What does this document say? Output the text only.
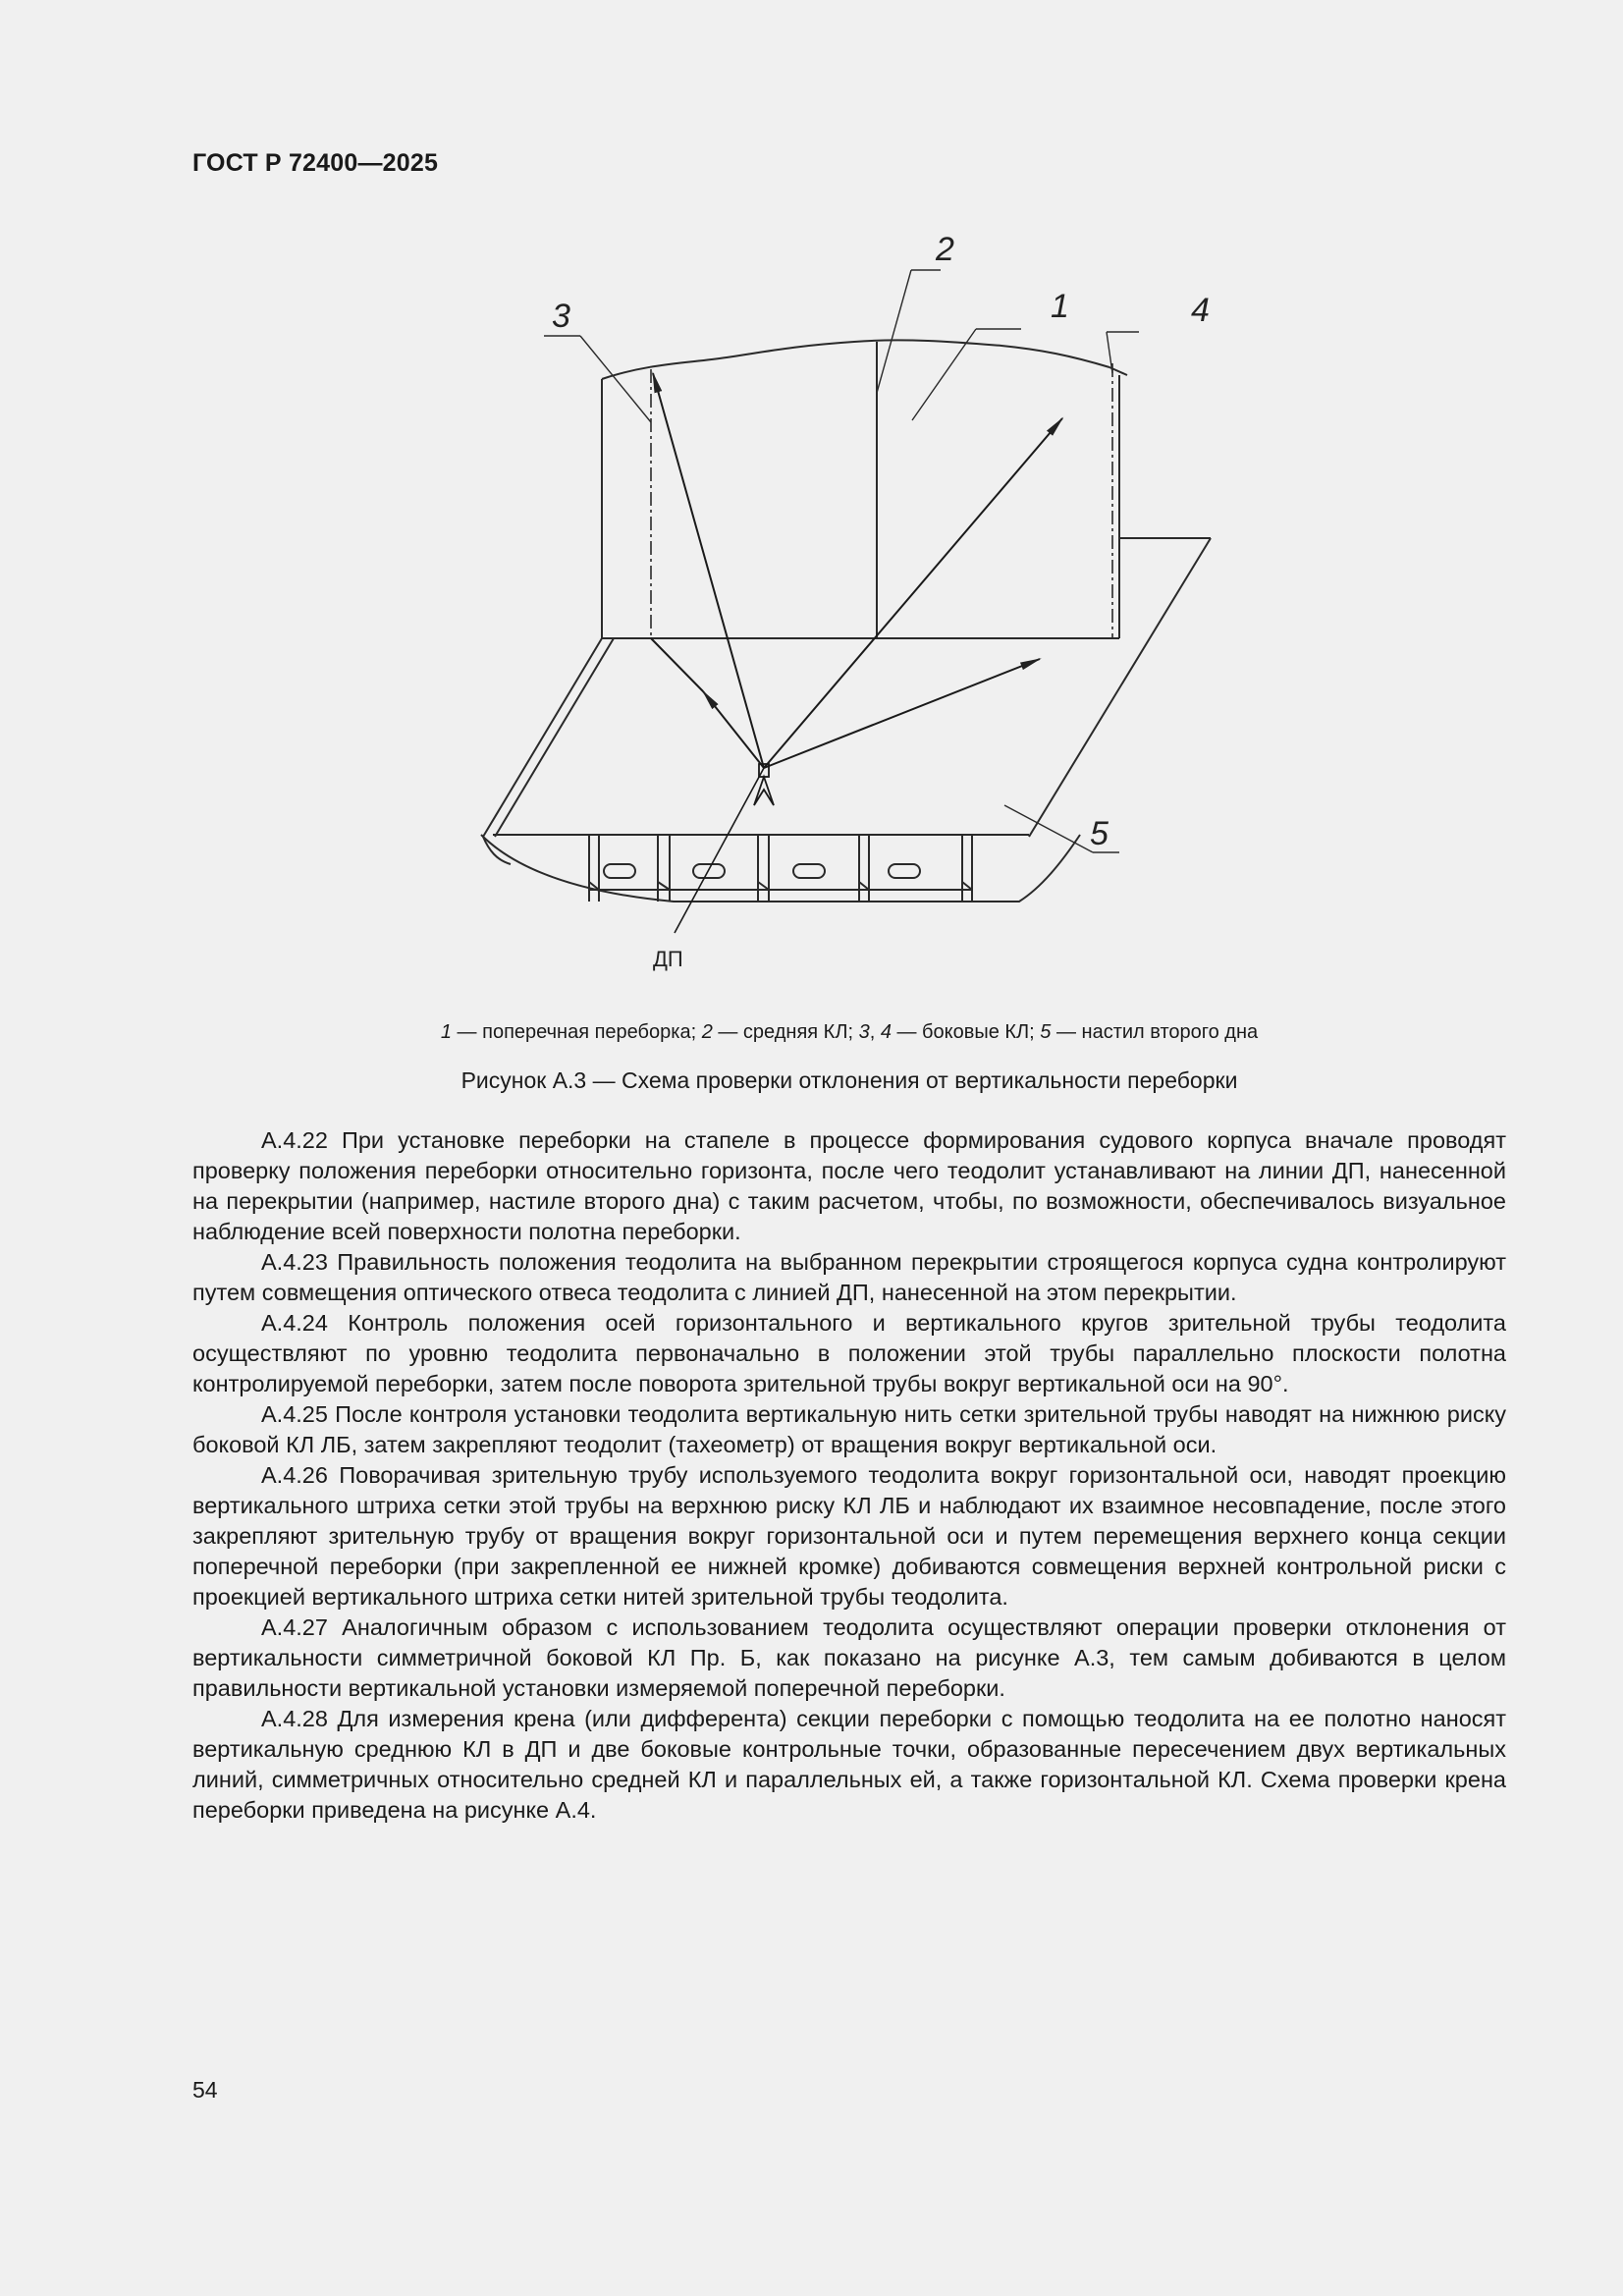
ГОСТ Р 72400—2025
3
2
1	4
5
ДП
1 — поперечная переборка; 2 — средняя КЛ; 3, 4 — боковые КЛ; 5 — настил второго дна
Рисунок А.3 — Схема проверки отклонения от вертикальности переборки

А.4.22 При установке переборки на стапеле в процессе формирования судового корпуса вначале проводят проверку положения переборки относительно горизонта, после чего теодолит устанавливают на линии ДП, нанесенной на перекрытии (например, настиле второго дна) с таким расчетом, чтобы, по возможности, обеспечивалось визуальное наблюдение всей поверхности полотна переборки.

А.4.23 Правильность положения теодолита на выбранном перекрытии строящегося корпуса судна контролируют путем совмещения оптического отвеса теодолита с линией ДП, нанесенной на этом перекрытии.

А.4.24 Контроль положения осей горизонтального и вертикального кругов зрительной трубы теодолита осуществляют по уровню теодолита первоначально в положении этой трубы параллельно плоскости полотна контролируемой переборки, затем после поворота зрительной трубы вокруг вертикальной оси на 90°.

А.4.25 После контроля установки теодолита вертикальную нить сетки зрительной трубы наводят на нижнюю риску боковой КЛ ЛБ, затем закрепляют теодолит (тахеометр) от вращения вокруг вертикальной оси.

А.4.26 Поворачивая зрительную трубу используемого теодолита вокруг горизонтальной оси, наводят проекцию вертикального штриха сетки этой трубы на верхнюю риску КЛ ЛБ и наблюдают их взаимное несовпадение, после этого закрепляют зрительную трубу от вращения вокруг горизонтальной оси и путем перемещения верхнего конца секции поперечной переборки (при закрепленной ее нижней кромке) добиваются совмещения верхней контрольной риски с проекцией вертикального штриха сетки нитей зрительной трубы теодолита.

А.4.27 Аналогичным образом с использованием теодолита осуществляют операции проверки отклонения от вертикальности симметричной боковой КЛ Пр. Б, как показано на рисунке А.3, тем самым добиваются в целом правильности вертикальной установки измеряемой поперечной переборки.

А.4.28 Для измерения крена (или дифферента) секции переборки с помощью теодолита на ее полотно наносят вертикальную среднюю КЛ в ДП и две боковые контрольные точки, образованные пересечением двух вертикальных линий, симметричных относительно средней КЛ и параллельных ей, а также горизонтальной КЛ. Схема проверки крена переборки приведена на рисунке А.4.

54
